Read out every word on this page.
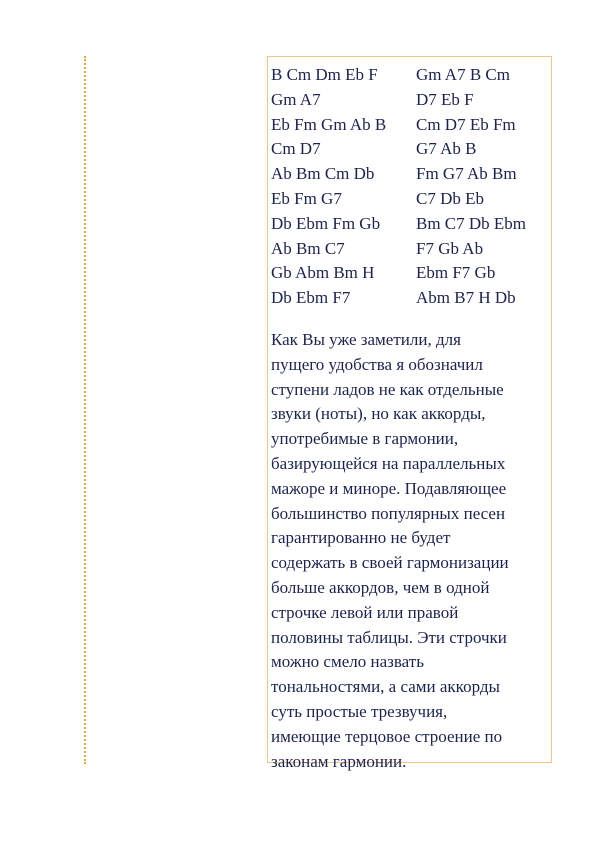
B Cm Dm Eb F	Gm A7 B Cm
Gm A7	D7 Eb F
Eb Fm Gm Ab B	Cm D7 Eb Fm
Cm D7	G7 Ab B
Ab Bm Cm Db	Fm G7 Ab Bm
Eb Fm G7	C7 Db Eb
Db Ebm Fm Gb	Bm C7 Db Ebm
Ab Bm C7	F7 Gb Ab
Gb Abm Bm H	Ebm F7 Gb
Db Ebm F7	Abm B7 H Db

Как Вы уже заметили, для
пущего удобства я обозначил
ступени ладов не как отдельные
звуки (ноты), но как аккорды,
употребимые в гармонии,
базирующейся на параллельных
мажоре и миноре. Подавляющее
большинство популярных песен
гарантированно не будет
содержать в своей гармонизации
больше аккордов, чем в одной
строчке левой или правой
половины таблицы. Эти строчки
можно смело назвать
тональностями, а сами аккорды
суть простые трезвучия,
имеющие терцовое строение по
законам гармонии.
